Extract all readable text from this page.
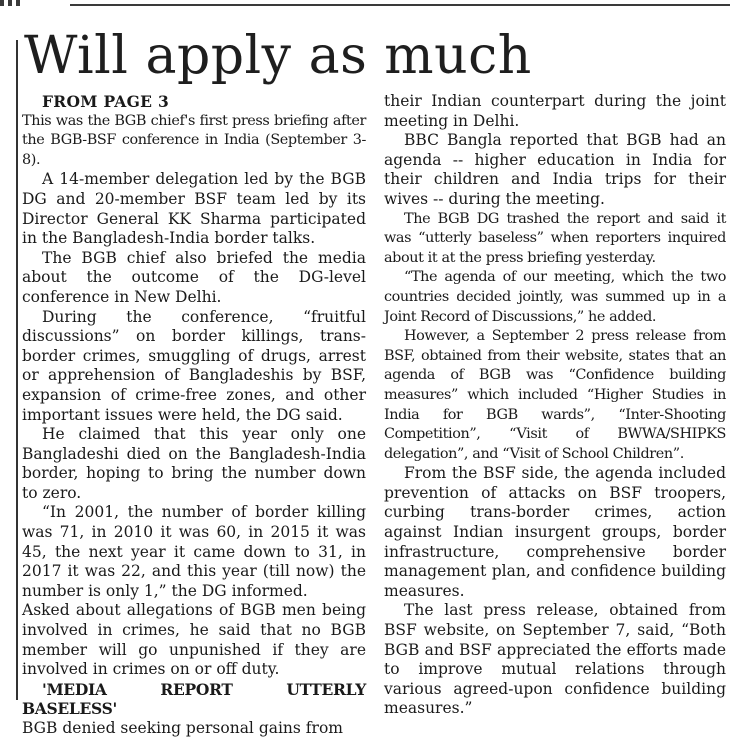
Will apply as much

FROM PAGE 3

This was the BGB chief's first press briefing after the BGB-BSF conference in India (September 3-8).

A 14-member delegation led by the BGB DG and 20-member BSF team led by its Director General KK Sharma participated in the Bangladesh-India border talks.

The BGB chief also briefed the media about the outcome of the DG-level conference in New Delhi.

During the conference, “fruitful discussions” on border killings, trans-border crimes, smuggling of drugs, arrest or apprehension of Bangladeshis by BSF, expansion of crime-free zones, and other important issues were held, the DG said.

He claimed that this year only one Bangladeshi died on the Bangladesh-India border, hoping to bring the number down to zero.

“In 2001, the number of border killing was 71, in 2010 it was 60, in 2015 it was 45, the next year it came down to 31, in 2017 it was 22, and this year (till now) the number is only 1,” the DG informed.

Asked about allegations of BGB men being involved in crimes, he said that no BGB member will go unpunished if they are involved in crimes on or off duty.

'MEDIA REPORT UTTERLY BASELESS'

BGB denied seeking personal gains from

their Indian counterpart during the joint meeting in Delhi.

BBC Bangla reported that BGB had an agenda -- higher education in India for their children and India trips for their wives -- during the meeting.

The BGB DG trashed the report and said it was “utterly baseless” when reporters inquired about it at the press briefing yesterday.

“The agenda of our meeting, which the two countries decided jointly, was summed up in a Joint Record of Discussions,” he added.

However, a September 2 press release from BSF, obtained from their website, states that an agenda of BGB was “Confidence building measures” which included “Higher Studies in India for BGB wards”, “Inter-Shooting Competition”, “Visit of BWWA/SHIPKS delegation”, and “Visit of School Children”.

From the BSF side, the agenda included prevention of attacks on BSF troopers, curbing trans-border crimes, action against Indian insurgent groups, border infrastructure, comprehensive border management plan, and confidence building measures.

The last press release, obtained from BSF website, on September 7, said, “Both BGB and BSF appreciated the efforts made to improve mutual relations through various agreed-upon confidence building measures.”
